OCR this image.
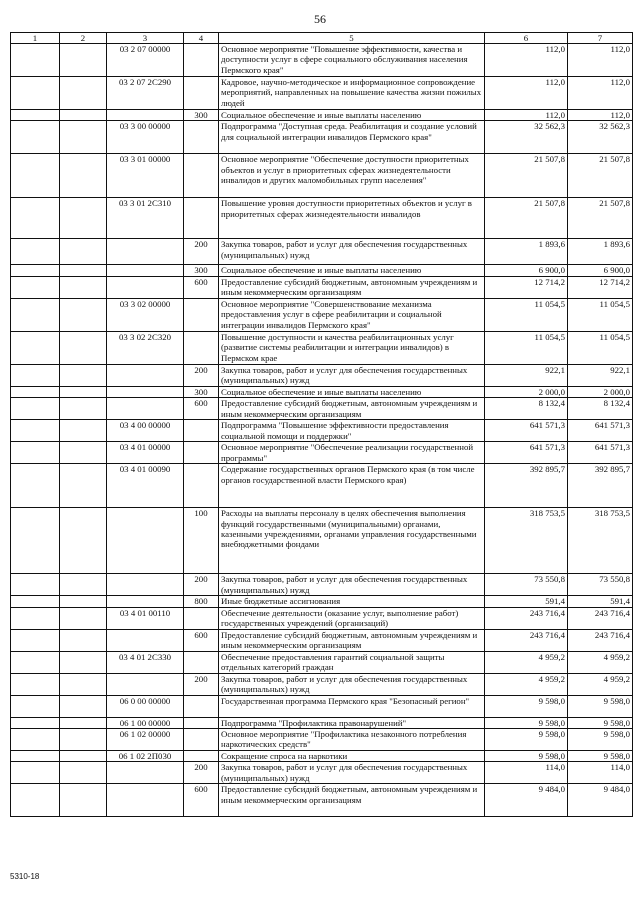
56
1	2	3	4	5	6	7
		03 2 07 00000		Основное мероприятие "Повышение эффективности, качества и доступности услуг в сфере социального обслуживания населения Пермского края"	112,0	112,0
		03 2 07 2С290		Кадровое, научно-методическое и информационное сопровождение мероприятий, направленных на повышение качества жизни пожилых людей	112,0	112,0
			300	Социальное обеспечение и иные выплаты населению	112,0	112,0
		03 3 00 00000		Подпрограмма "Доступная среда. Реабилитация и создание условий для социальной интеграции инвалидов Пермского края"	32 562,3	32 562,3
		03 3 01 00000		Основное мероприятие "Обеспечение доступности приоритетных объектов и услуг в приоритетных сферах жизнедеятельности инвалидов и других маломобильных групп населения"	21 507,8	21 507,8
		03 3 01 2С310		Повышение уровня доступности приоритетных объектов и услуг в приоритетных сферах жизнедеятельности инвалидов	21 507,8	21 507,8
			200	Закупка товаров, работ и услуг для обеспечения государственных (муниципальных) нужд	1 893,6	1 893,6
			300	Социальное обеспечение и иные выплаты населению	6 900,0	6 900,0
			600	Предоставление субсидий бюджетным, автономным учреждениям и иным некоммерческим организациям	12 714,2	12 714,2
		03 3 02 00000		Основное мероприятие "Совершенствование механизма предоставления услуг в сфере реабилитации и социальной интеграции инвалидов Пермского края"	11 054,5	11 054,5
		03 3 02 2С320		Повышение доступности и качества реабилитационных услуг (развитие системы реабилитации и интеграции инвалидов) в Пермском крае	11 054,5	11 054,5
			200	Закупка товаров, работ и услуг для обеспечения государственных (муниципальных) нужд	922,1	922,1
			300	Социальное обеспечение и иные выплаты населению	2 000,0	2 000,0
			600	Предоставление субсидий бюджетным, автономным учреждениям и иным некоммерческим организациям	8 132,4	8 132,4
		03 4 00 00000		Подпрограмма "Повышение эффективности предоставления социальной помощи и поддержки"	641 571,3	641 571,3
		03 4 01 00000		Основное мероприятие "Обеспечение реализации государственной программы"	641 571,3	641 571,3
		03 4 01 00090		Содержание государственных органов Пермского края (в том числе органов государственной власти Пермского края)	392 895,7	392 895,7
			100	Расходы на выплаты персоналу в целях обеспечения выполнения функций государственными (муниципальными) органами, казенными учреждениями, органами управления государственными внебюджетными фондами	318 753,5	318 753,5
			200	Закупка товаров, работ и услуг для обеспечения государственных (муниципальных) нужд	73 550,8	73 550,8
			800	Иные бюджетные ассигнования	591,4	591,4
		03 4 01 00110		Обеспечение деятельности (оказание услуг, выполнение работ) государственных учреждений (организаций)	243 716,4	243 716,4
			600	Предоставление субсидий бюджетным, автономным учреждениям и иным некоммерческим организациям	243 716,4	243 716,4
		03 4 01 2С330		Обеспечение предоставления гарантий социальной защиты отдельных категорий граждан	4 959,2	4 959,2
			200	Закупка товаров, работ и услуг для обеспечения государственных (муниципальных) нужд	4 959,2	4 959,2
		06 0 00 00000		Государственная программа Пермского края "Безопасный регион"	9 598,0	9 598,0
		06 1 00 00000		Подпрограмма "Профилактика правонарушений"	9 598,0	9 598,0
		06 1 02 00000		Основное мероприятие "Профилактика незаконного потребления наркотических средств"	9 598,0	9 598,0
		06 1 02 2П030		Сокращение спроса на наркотики	9 598,0	9 598,0
			200	Закупка товаров, работ и услуг для обеспечения государственных (муниципальных) нужд	114,0	114,0
			600	Предоставление субсидий бюджетным, автономным учреждениям и иным некоммерческим организациям	9 484,0	9 484,0
5310-18
